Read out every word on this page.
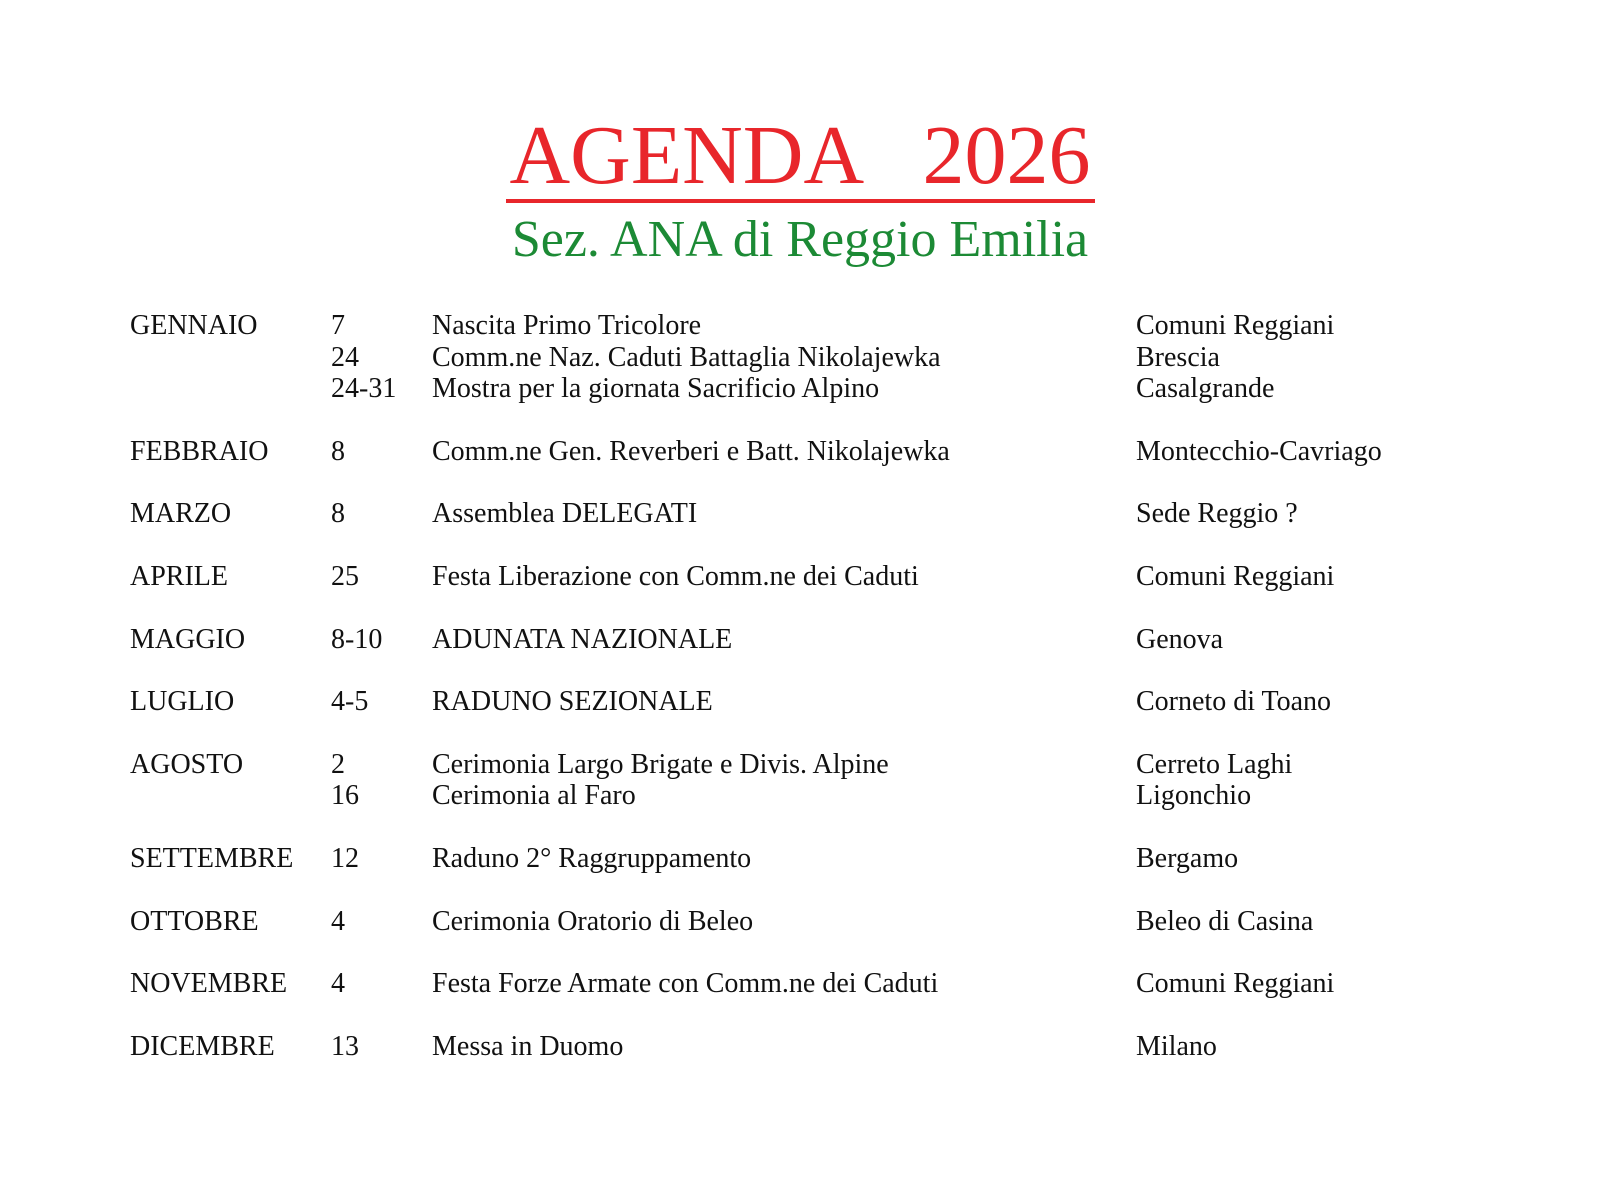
AGENDA   2026
Sez. ANA di Reggio Emilia
GENNAIO	7	Nascita Primo Tricolore	Comuni Reggiani
24	Comm.ne Naz. Caduti Battaglia Nikolajewka	Brescia
24-31 Mostra per la giornata Sacrificio Alpino	Casalgrande
FEBBRAIO 8	Comm.ne Gen. Reverberi e Batt. Nikolajewka	Montecchio-Cavriago
MARZO	8	Assemblea DELEGATI	Sede Reggio ?
APRILE	25	Festa Liberazione con Comm.ne dei Caduti	Comuni Reggiani
MAGGIO	8-10 ADUNATA NAZIONALE	Genova
LUGLIO	4-5 RADUNO SEZIONALE	Corneto di Toano
AGOSTO	2	Cerimonia Largo Brigate e Divis. Alpine	Cerreto Laghi
16	Cerimonia al Faro	Ligonchio
SETTEMBRE 12	Raduno 2° Raggruppamento	Bergamo
OTTOBRE	4	Cerimonia Oratorio di Beleo	Beleo di Casina
NOVEMBRE 4	Festa Forze Armate con Comm.ne dei Caduti	Comuni Reggiani
DICEMBRE 13	Messa in Duomo	Milano
